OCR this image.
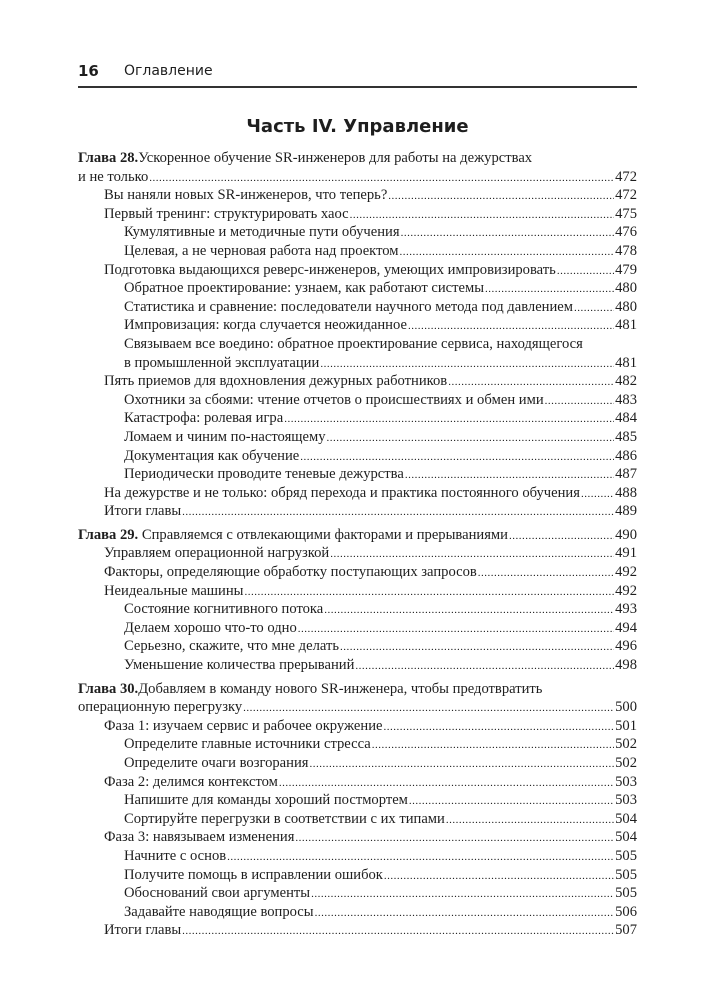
16 Оглавление
Часть IV. Управление
Глава 28. Ускоренное обучение SR-инженеров для работы на дежурствах
и не только .....	472
Вы наняли новых SR-инженеров, что теперь? .....	472
Первый тренинг: структурировать хаос .....	475
Кумулятивные и методичные пути обучения .....	476
Целевая, а не черновая работа над проектом .....	478
Подготовка выдающихся реверс-инженеров, умеющих импровизировать .....	479
Обратное проектирование: узнаем, как работают системы .....	480
Статистика и сравнение: последователи научного метода под давлением .....	480
Импровизация: когда случается неожиданное .....	481
Связываем все воедино: обратное проектирование сервиса, находящегося
в промышленной эксплуатации .....	481
Пять приемов для вдохновления дежурных работников .....	482
Охотники за сбоями: чтение отчетов о происшествиях и обмен ими .....	483
Катастрофа: ролевая игра .....	484
Ломаем и чиним по-настоящему .....	485
Документация как обучение .....	486
Периодически проводите теневые дежурства .....	487
На дежурстве и не только: обряд перехода и практика постоянного обучения ..... 488
Итоги главы .....	489
Глава 29. Справляемся с отвлекающими факторами и прерываниями .....	490
Управляем операционной нагрузкой .....	491
Факторы, определяющие обработку поступающих запросов .....	492
Неидеальные машины .....	492
Состояние когнитивного потока .....	493
Делаем хорошо что-то одно .....	494
Серьезно, скажите, что мне делать .....	496
Уменьшение количества прерываний .....	498
Глава 30. Добавляем в команду нового SR-инженера, чтобы предотвратить
операционную перегрузку .....	500
Фаза 1: изучаем сервис и рабочее окружение .....	501
Определите главные источники стресса .....	502
Определите очаги возгорания .....	502
Фаза 2: делимся контекстом .....	503
Напишите для команды хороший постмортем .....	503
Сортируйте перегрузки в соответствии с их типами .....	504
Фаза 3: навязываем изменения .....	504
Начните с основ .....	505
Получите помощь в исправлении ошибок .....	505
Обоснований свои аргументы .....	505
Задавайте наводящие вопросы .....	506
Итоги главы .....	507
